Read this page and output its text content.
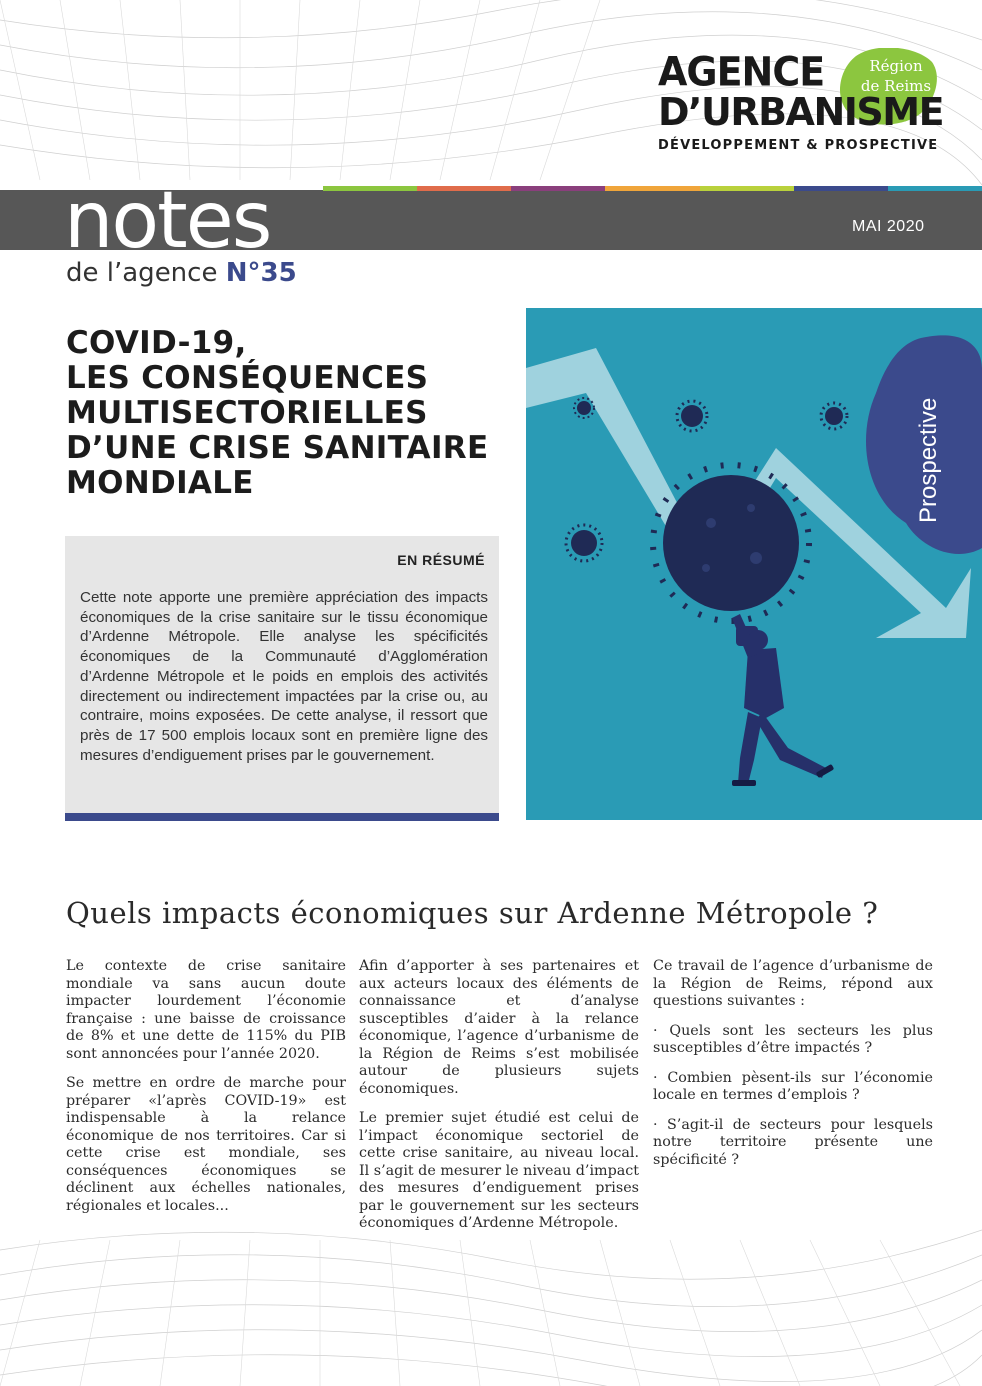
Région
de Reims
AGENCE
D’URBANISME
DÉVELOPPEMENT & PROSPECTIVE
notes	MAI 2020
de l’agence N°35
COVID-19,
LES CONSÉQUENCES
MULTISECTORIELLES
D’UNE CRISE SANITAIRE
MONDIALE
EN RÉSUMÉ
Cette note apporte une première appréciation des impacts économiques de la crise sanitaire sur le tissu économique d’Ardenne Métropole. Elle analyse les spécificités économiques de la Communauté d’Agglomération d’Ardenne Métropole et le poids en emplois des activités directement ou indirectement impactées par la crise ou, au contraire, moins exposées. De cette analyse, il ressort que près de 17 500 emplois locaux sont en première ligne des mesures d’endiguement prises par le gouvernement.
Prospective
Quels impacts économiques sur Ardenne Métropole ?

Le contexte de crise sanitaire mondiale va sans aucun doute impacter lourdement l’économie française : une baisse de croissance de 8% et une dette de 115% du PIB sont annoncées pour l’année 2020.

Se mettre en ordre de marche pour préparer «l’après COVID-19» est indispensable à la relance économique de nos territoires. Car si cette crise est mondiale, ses conséquences économiques se déclinent aux échelles nationales, régionales et locales...

Afin d’apporter à ses partenaires et aux acteurs locaux des éléments de connaissance et d’analyse susceptibles d’aider à la relance économique, l’agence d’urbanisme de la Région de Reims s’est mobilisée autour de plusieurs sujets économiques.

Le premier sujet étudié est celui de l’impact économique sectoriel de cette crise sanitaire, au niveau local. Il s’agit de mesurer le niveau d’impact des mesures d’endiguement prises par le gouvernement sur les secteurs économiques d’Ardenne Métropole.

Ce travail de l’agence d’urbanisme de la Région de Reims, répond aux questions suivantes :

· Quels sont les secteurs les plus susceptibles d’être impactés ?

· Combien pèsent-ils sur l’économie locale en termes d’emplois ?

· S’agit-il de secteurs pour lesquels notre territoire présente une spécificité ?
